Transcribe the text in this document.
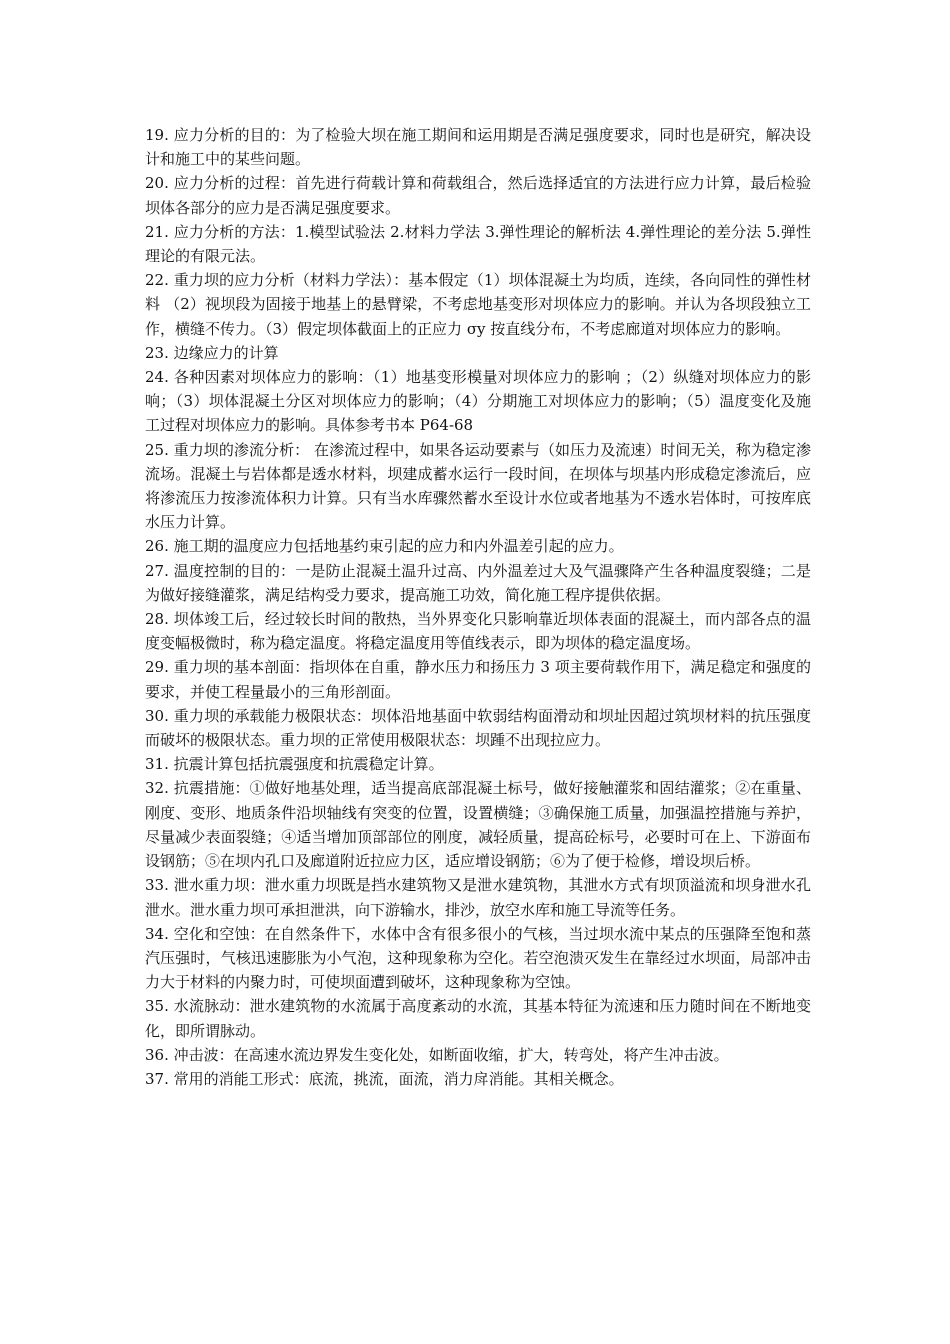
19. 应力分析的目的：为了检验大坝在施工期间和运用期是否满足强度要求，同时也是研究，解决设计和施工中的某些问题。

20. 应力分析的过程：首先进行荷载计算和荷载组合，然后选择适宜的方法进行应力计算，最后检验坝体各部分的应力是否满足强度要求。

21. 应力分析的方法：1.模型试验法 2.材料力学法 3.弹性理论的解析法 4.弹性理论的差分法 5.弹性理论的有限元法。

22. 重力坝的应力分析（材料力学法）：基本假定（1）坝体混凝土为均质，连续，各向同性的弹性材料 （2）视坝段为固接于地基上的悬臂梁，不考虑地基变形对坝体应力的影响。并认为各坝段独立工作，横缝不传力。（3）假定坝体截面上的正应力 σy 按直线分布，不考虑廊道对坝体应力的影响。

23. 边缘应力的计算

24. 各种因素对坝体应力的影响：（1）地基变形模量对坝体应力的影响 ；（2）纵缝对坝体应力的影响；（3）坝体混凝土分区对坝体应力的影响；（4）分期施工对坝体应力的影响；（5）温度变化及施工过程对坝体应力的影响。具体参考书本 P64-68

25. 重力坝的渗流分析： 在渗流过程中，如果各运动要素与（如压力及流速）时间无关，称为稳定渗流场。混凝土与岩体都是透水材料，坝建成蓄水运行一段时间，在坝体与坝基内形成稳定渗流后，应将渗流压力按渗流体积力计算。只有当水库骤然蓄水至设计水位或者地基为不透水岩体时，可按库底水压力计算。

26. 施工期的温度应力包括地基约束引起的应力和内外温差引起的应力。

27. 温度控制的目的：一是防止混凝土温升过高、内外温差过大及气温骤降产生各种温度裂缝；二是为做好接缝灌浆，满足结构受力要求，提高施工功效，简化施工程序提供依据。

28. 坝体竣工后，经过较长时间的散热，当外界变化只影响靠近坝体表面的混凝土，而内部各点的温度变幅极微时，称为稳定温度。将稳定温度用等值线表示，即为坝体的稳定温度场。

29. 重力坝的基本剖面：指坝体在自重，静水压力和扬压力 3 项主要荷载作用下，满足稳定和强度的要求，并使工程量最小的三角形剖面。

30. 重力坝的承载能力极限状态：坝体沿地基面中软弱结构面滑动和坝址因超过筑坝材料的抗压强度而破坏的极限状态。重力坝的正常使用极限状态：坝踵不出现拉应力。

31. 抗震计算包括抗震强度和抗震稳定计算。

32. 抗震措施：①做好地基处理，适当提高底部混凝土标号，做好接触灌浆和固结灌浆；②在重量、刚度、变形、地质条件沿坝轴线有突变的位置，设置横缝；③确保施工质量，加强温控措施与养护，尽量减少表面裂缝；④适当增加顶部部位的刚度，减轻质量，提高砼标号，必要时可在上、下游面布设钢筋；⑤在坝内孔口及廊道附近拉应力区，适应增设钢筋；⑥为了便于检修，增设坝后桥。

33. 泄水重力坝：泄水重力坝既是挡水建筑物又是泄水建筑物，其泄水方式有坝顶溢流和坝身泄水孔泄水。泄水重力坝可承担泄洪，向下游输水，排沙，放空水库和施工导流等任务。

34. 空化和空蚀：在自然条件下，水体中含有很多很小的气核，当过坝水流中某点的压强降至饱和蒸汽压强时，气核迅速膨胀为小气泡，这种现象称为空化。若空泡溃灭发生在靠经过水坝面，局部冲击力大于材料的内聚力时，可使坝面遭到破坏，这种现象称为空蚀。

35. 水流脉动：泄水建筑物的水流属于高度紊动的水流，其基本特征为流速和压力随时间在不断地变化，即所谓脉动。

36. 冲击波：在高速水流边界发生变化处，如断面收缩，扩大，转弯处，将产生冲击波。

37. 常用的消能工形式：底流，挑流，面流，消力戽消能。其相关概念。
